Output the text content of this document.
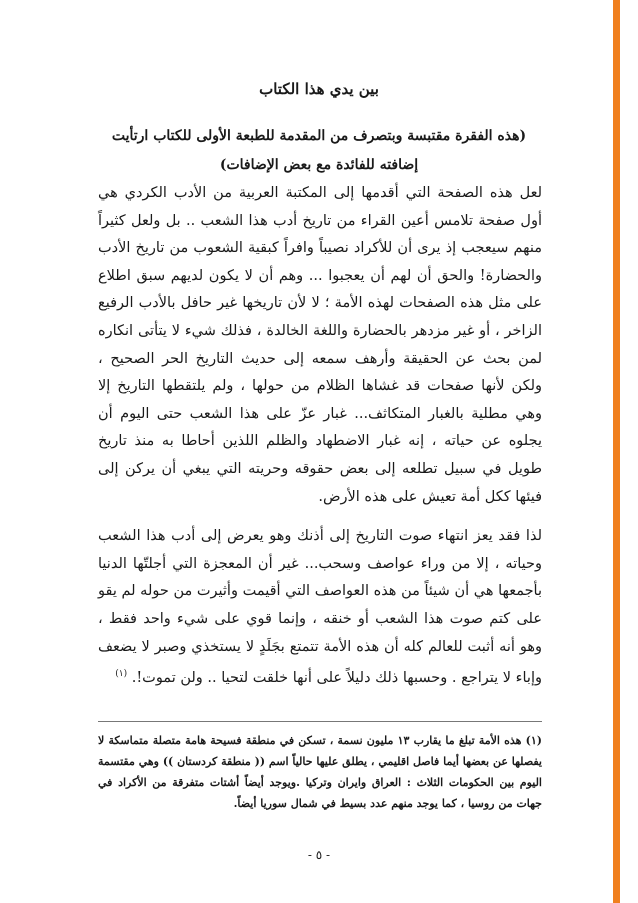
بين يدي هذا الكتاب
(هذه الفقرة مقتبسة وبتصرف من المقدمة للطبعة الأولى للكتاب ارتأيت إضافته للفائدة مع بعض الإضافات)

لعل هذه الصفحة التي أقدمها إلى المكتبة العربية من الأدب الكردي هي أول صفحة تلامس أعين القراء من تاريخ أدب هذا الشعب .. بل ولعل كثيراً منهم سيعجب إذ يرى أن للأكراد نصيباً وافراً كبقية الشعوب من تاريخ الأدب والحضارة! والحق أن لهم أن يعجبوا ... وهم أن لا يكون لديهم سبق اطلاع على مثل هذه الصفحات لهذه الأمة ؛ لا لأن تاريخها غير حافل بالأدب الرفيع الزاخر ، أو غير مزدهر بالحضارة واللغة الخالدة ، فذلك شيء لا يتأتى انكاره لمن بحث عن الحقيقة وأرهف سمعه إلى حديث التاريخ الحر الصحيح ، ولكن لأنها صفحات قد غشاها الظلام من حولها ، ولم يلتقطها التاريخ إلا وهي مطلية بالغبار المتكاثف... غبار عزّ على هذا الشعب حتى اليوم أن يجلوه عن حياته ، إنه غبار الاضطهاد والظلم اللذين أحاطا به منذ تاريخ طويل في سبيل تطلعه إلى بعض حقوقه وحريته التي يبغي أن يركن إلى فيئها ككل أمة تعيش على هذه الأرض.

لذا فقد يعز انتهاء صوت التاريخ إلى أذنك وهو يعرض إلى أدب هذا الشعب وحياته ، إلا من وراء عواصف وسحب... غير أن المعجزة التي أجلتّها الدنيا بأجمعها هي أن شيئاً من هذه العواصف التي أقيمت وأثيرت من حوله لم يقو على كتم صوت هذا الشعب أو خنقه ، وإنما قوي على شيء واحد فقط ، وهو أنه أثبت للعالم كله أن هذه الأمة تتمتع بجَلَدٍ لا يستخذي وصبر لا يضعف وإباء لا يتراجع . وحسبها ذلك دليلاً على أنها خلقت لتحيا .. ولن تموت!. $^{(١)}$

(١) هذه الأمة تبلغ ما يقارب ١٣ مليون نسمة ، تسكن في منطقة فسيحة هامة متصلة متماسكة لا يفصلها عن بعضها أيما فاصل اقليمي ، يطلق عليها حالياً اسم (( منطقة كردستان )) وهي مقتسمة اليوم بين الحكومات الثلاث : العراق وايران وتركيا .ويوجد أيضاً أشتات متفرقة من الأكراد في جهات من روسيا ، كما يوجد منهم عدد بسيط في شمال سوريا أيضاً.

- ٥ -
